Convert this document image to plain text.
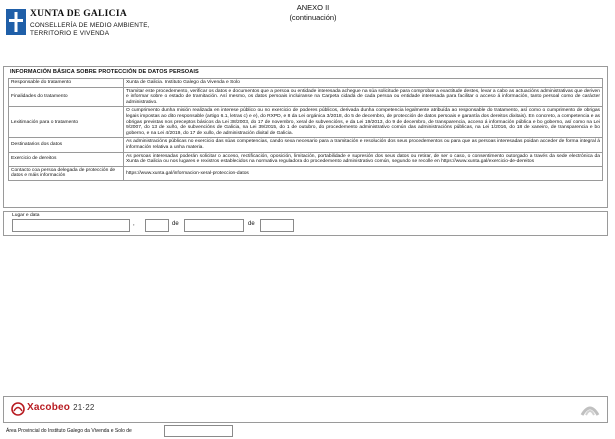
XUNTA DE GALICIA
CONSELLERÍA DE MEDIO AMBIENTE,
TERRITORIO E VIVENDA
ANEXO II
(continuación)
INFORMACIÓN BÁSICA SOBRE PROTECCIÓN DE DATOS PERSOAIS
Responsable do tratamento	Xunta de Galicia. Instituto Galego da Vivenda e Solo
Finalidades do tratamento	Tramitar este procedemento, verificar os datos e documentos que a persoa ou entidade interesada achegue na súa solicitude para comprobar a exactitude destes, levar a cabo as actuacións administrativas que deriven e informar sobre o estado de tramitación. Así mesmo, os datos persoais incluiranse na Carpeta cidadá de cada persoa ou entidade interesada para facilitar o acceso á información, tanto persoal como de carácter administrativo.
Lexitimación para o tratamento	O cumprimento dunha misión realizada en interese público ou no exercicio de poderes públicos, derivada dunha competencia legalmente atribuída ao responsable do tratamento, así como o cumprimento de obrigas legais impostas ao dito responsable (artigo 6.1, letras c) e e), do RXPD, e 8 da Lei orgánica 3/2018, do 5 de decembro, de protección de datos persoais e garantía dos dereitos dixitais). En concreto, a competencia e as obrigas previstas nos preceptos básicos da Lei 38/2003, do 17 de novembro, xeral de subvencións, e da Lei 19/2013, do 9 de decembro, de transparencia, acceso á información pública e bo goberno, así como na Lei 9/2007, do 13 de xuño, de subvencións de Galicia, na Lei 39/2015, do 1 de outubro, do procedemento administrativo común das administracións públicas, na Lei 1/2016, do 18 de xaneiro, de transparencia e bo goberno, e na Lei 4/2019, do 17 de xullo, de administración dixital de Galicia.
Destinatarios dos datos	As administracións públicas no exercicio das súas competencias, cando sexa necesario para a tramitación e resolución dos seus procedementos ou para que as persoas interesadas poidan acceder de forma integral á información relativa a unha materia.
Exercicio de dereitos	As persoas interesadas poderán solicitar o acceso, rectificación, oposición, limitación, portabilidade e supresión dos seus datos ou retirar, de ser o caso, o consentimento outorgado a través da sede electrónica da Xunta de Galicia ou nos lugares e rexistros establecidos na normativa reguladora do procedemento administrativo común, segundo se recolle en https://www.xunta.gal/exercicio-de-dereitos
Contacto coa persoa delegada de protección de datos e máis información	https://www.xunta.gal/informacion-xeral-proteccion-datos
Lugar e data
,	de	de
Xacobeo 21·22
Área Provincial do Instituto Galego da Vivenda e Solo de
